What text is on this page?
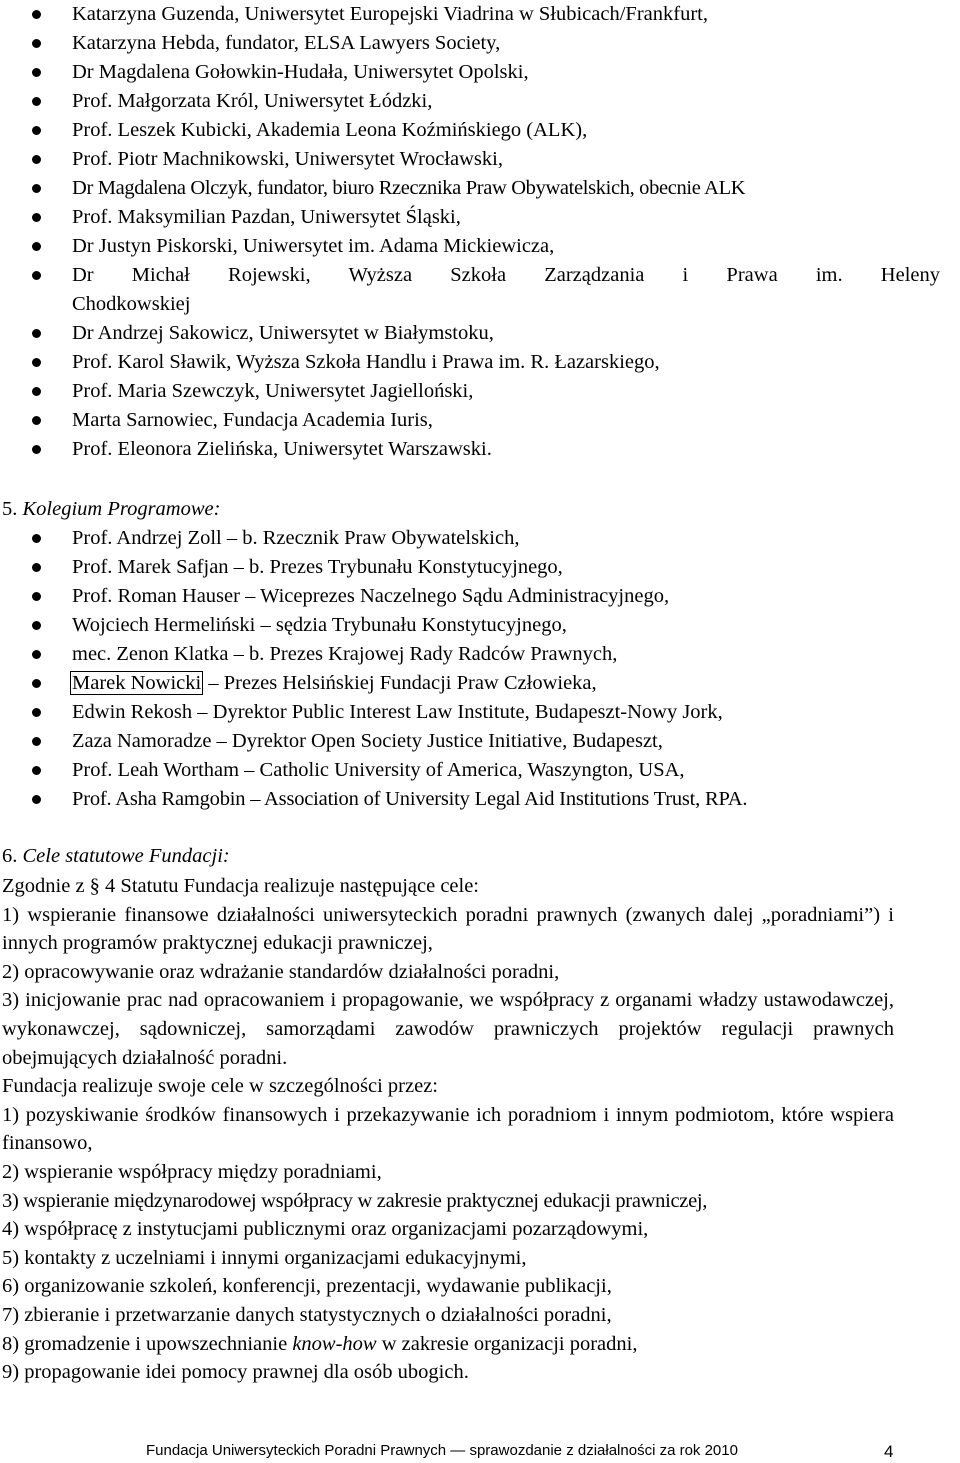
Katarzyna Guzenda, Uniwersytet Europejski Viadrina w Słubicach/Frankfurt,
Katarzyna Hebda, fundator, ELSA Lawyers Society,
Dr Magdalena Gołowkin-Hudała, Uniwersytet Opolski,
Prof. Małgorzata Król, Uniwersytet Łódzki,
Prof. Leszek Kubicki, Akademia Leona Koźmińskiego (ALK),
Prof. Piotr Machnikowski, Uniwersytet Wrocławski,
Dr Magdalena Olczyk, fundator, biuro Rzecznika Praw Obywatelskich, obecnie ALK
Prof. Maksymilian Pazdan, Uniwersytet Śląski,
Dr Justyn Piskorski, Uniwersytet im. Adama Mickiewicza,
Dr Michał Rojewski, Wyższa Szkoła Zarządzania i Prawa im. Heleny
Chodkowskiej
Dr Andrzej Sakowicz, Uniwersytet w Białymstoku,
Prof. Karol Sławik, Wyższa Szkoła Handlu i Prawa im. R. Łazarskiego,
Prof. Maria Szewczyk, Uniwersytet Jagielloński,
Marta Sarnowiec, Fundacja Academia Iuris,
Prof. Eleonora Zielińska, Uniwersytet Warszawski.
5. Kolegium Programowe:
Prof. Andrzej Zoll – b. Rzecznik Praw Obywatelskich,
Prof. Marek Safjan – b. Prezes Trybunału Konstytucyjnego,
Prof. Roman Hauser – Wiceprezes Naczelnego Sądu Administracyjnego,
Wojciech Hermeliński – sędzia Trybunału Konstytucyjnego,
mec. Zenon Klatka – b. Prezes Krajowej Rady Radców Prawnych,
Marek Nowicki – Prezes Helsińskiej Fundacji Praw Człowieka,
Edwin Rekosh – Dyrektor Public Interest Law Institute, Budapeszt-Nowy Jork,
Zaza Namoradze – Dyrektor Open Society Justice Initiative, Budapeszt,
Prof. Leah Wortham – Catholic University of America, Waszyngton, USA,
Prof. Asha Ramgobin – Association of University Legal Aid Institutions Trust, RPA.
6. Cele statutowe Fundacji:

Zgodnie z § 4 Statutu Fundacja realizuje następujące cele:

1) wspieranie finansowe działalności uniwersyteckich poradni prawnych (zwanych dalej „poradniami”) i innych programów praktycznej edukacji prawniczej,

2) opracowywanie oraz wdrażanie standardów działalności poradni,

3) inicjowanie prac nad opracowaniem i propagowanie, we współpracy z organami władzy ustawodawczej, wykonawczej, sądowniczej, samorządami zawodów prawniczych projektów regulacji prawnych obejmujących działalność poradni.

Fundacja realizuje swoje cele w szczególności przez:

1) pozyskiwanie środków finansowych i przekazywanie ich poradniom i innym podmiotom, które wspiera finansowo,

2) wspieranie współpracy między poradniami,

3) wspieranie międzynarodowej współpracy w zakresie praktycznej edukacji prawniczej,

4) współpracę z instytucjami publicznymi oraz organizacjami pozarządowymi,

5) kontakty z uczelniami i innymi organizacjami edukacyjnymi,

6) organizowanie szkoleń, konferencji, prezentacji, wydawanie publikacji,

7) zbieranie i przetwarzanie danych statystycznych o działalności poradni,

8) gromadzenie i upowszechnianie know-how w zakresie organizacji poradni,

9) propagowanie idei pomocy prawnej dla osób ubogich.

Fundacja Uniwersyteckich Poradni Prawnych — sprawozdanie z działalności za rok 2010	4
